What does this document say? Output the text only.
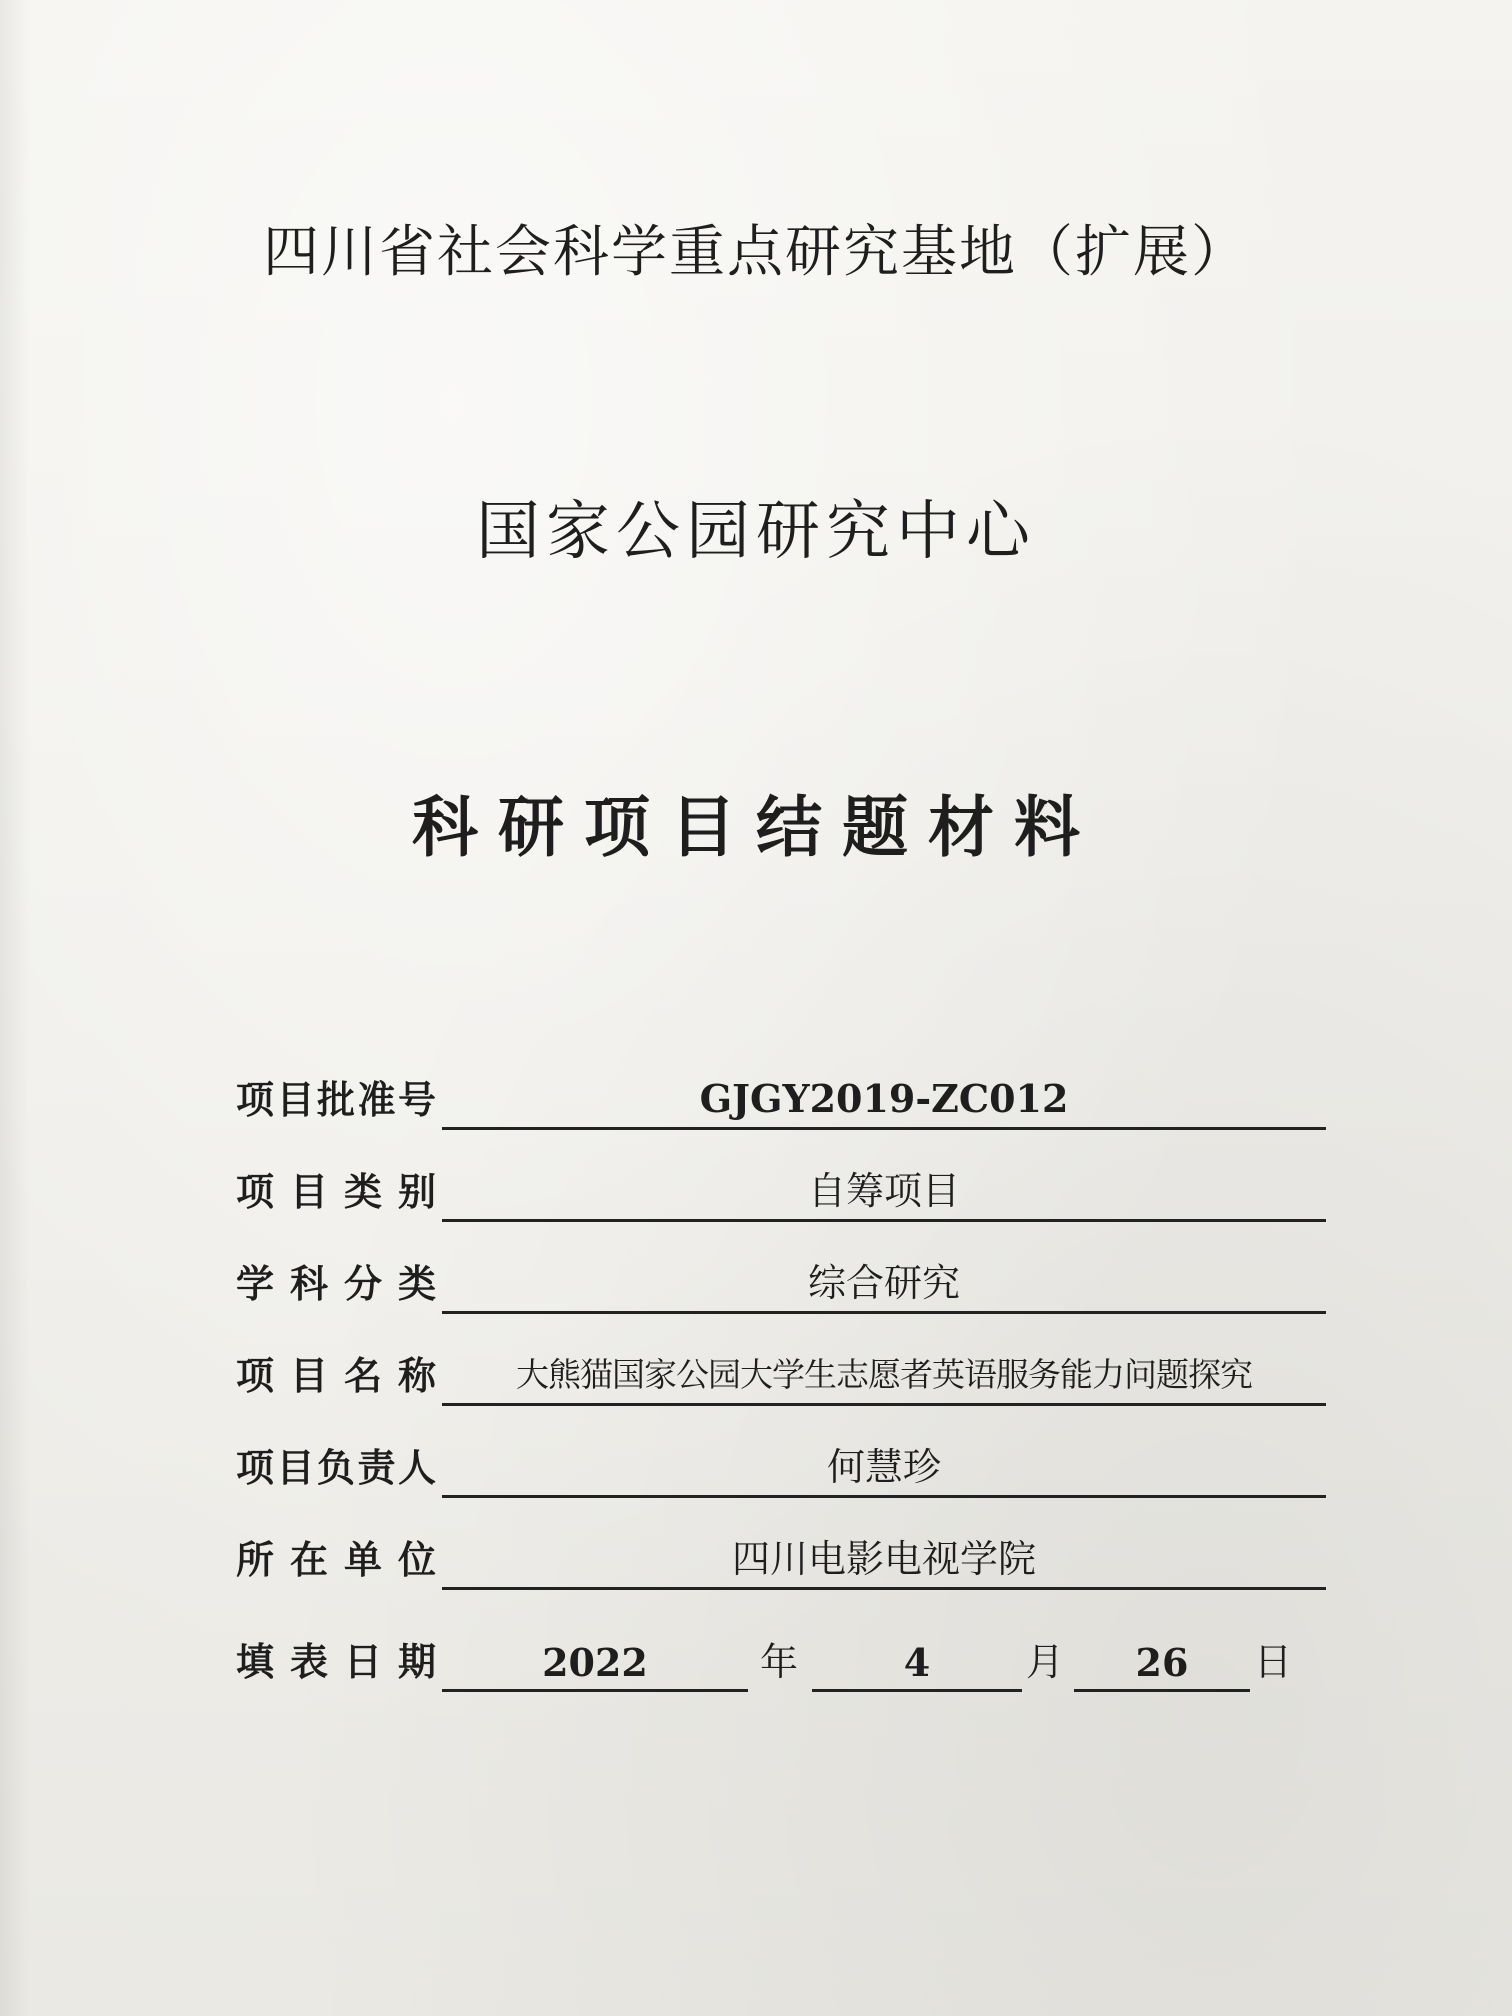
四川省社会科学重点研究基地（扩展）
国家公园研究中心
科研项目结题材料
项目批准号	GJGY2019-ZC012
项目类别	自筹项目
学科分类	综合研究
项目名称	大熊猫国家公园大学生志愿者英语服务能力问题探究
项目负责人	何慧珍
所在单位	四川电影电视学院
填表日期	2022	年	4	月	26	日
